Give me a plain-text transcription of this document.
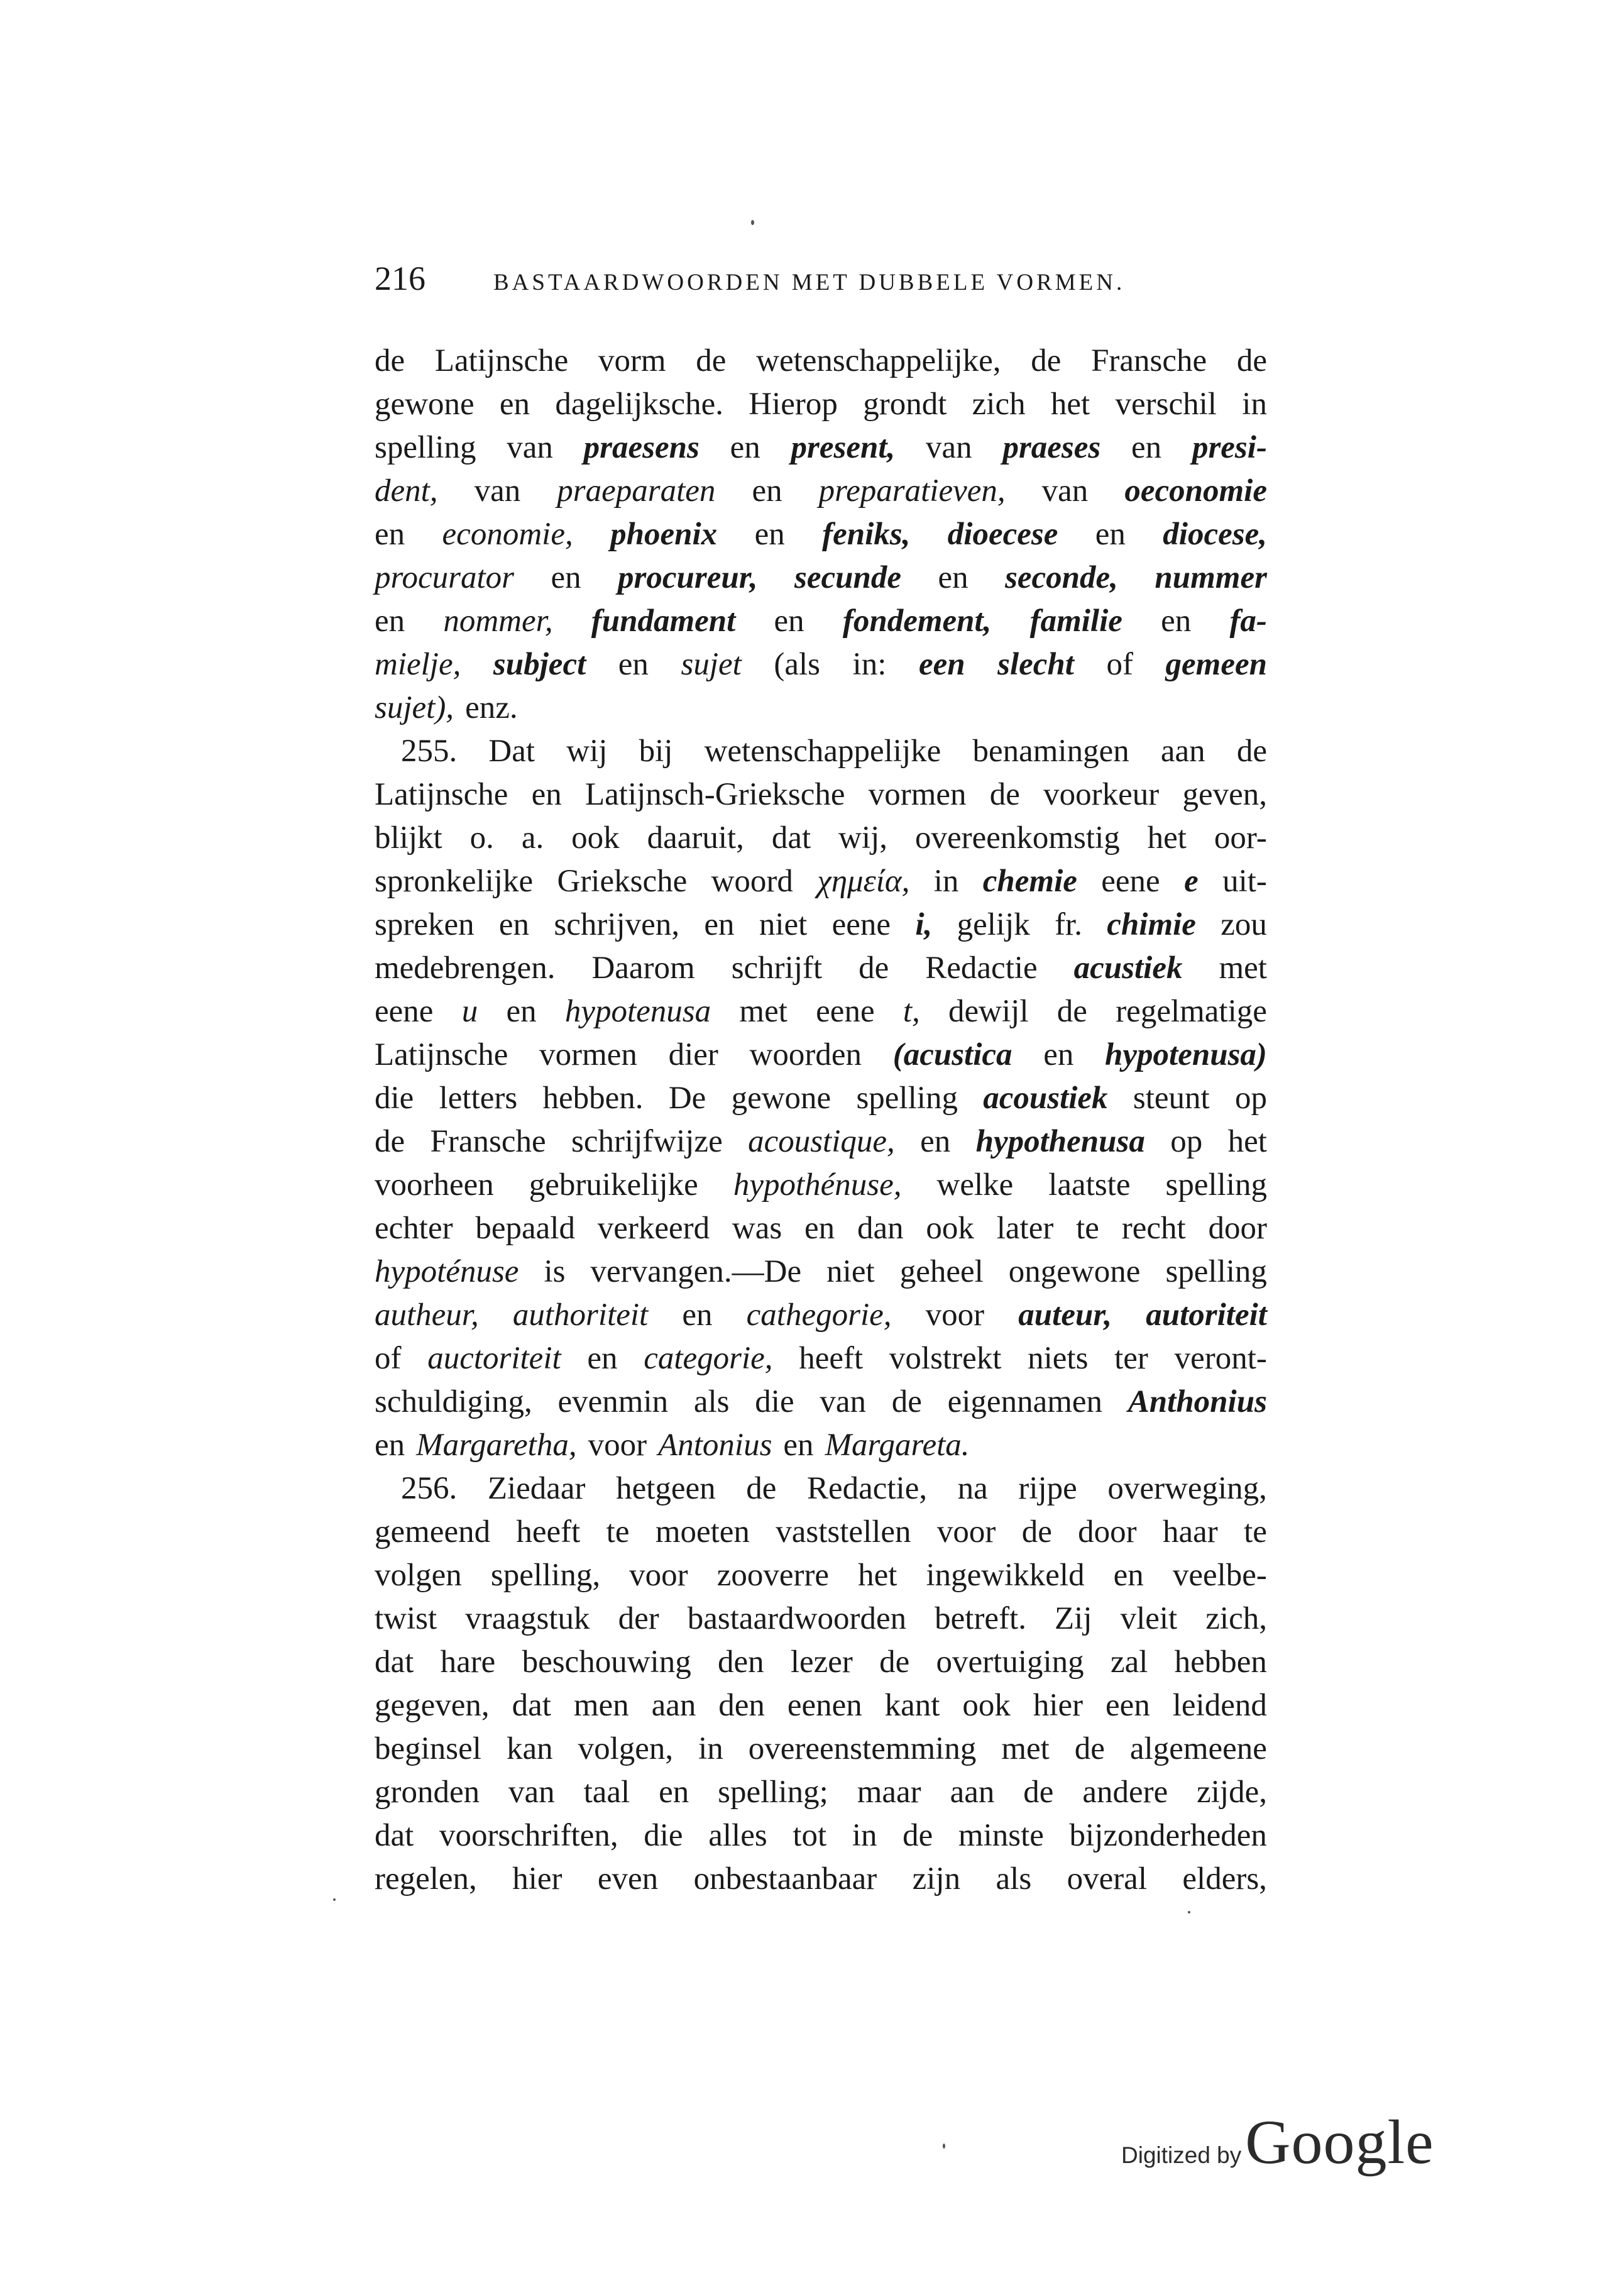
216	BASTAARDWOORDEN MET DUBBELE VORMEN.
de Latijnsche vorm de wetenschappelijke, de Fransche de
gewone en dagelijksche. Hierop grondt zich het verschil in
spelling van praesens en present, van praeses en presi-
dent, van praeparaten en preparatieven, van oeconomie
en economie, phoenix en feniks, dioecese en diocese,
procurator en procureur, secunde en seconde, nummer
en nommer, fundament en fondement, familie en fa-
mielje, subject en sujet (als in: een slecht of gemeen
sujet), enz.
255. Dat wij bij wetenschappelijke benamingen aan de
Latijnsche en Latijnsch-Grieksche vormen de voorkeur geven,
blijkt o. a. ook daaruit, dat wij, overeenkomstig het oor-
spronkelijke Grieksche woord χημεία, in chemie eene e uit-
spreken en schrijven, en niet eene i, gelijk fr. chimie zou
medebrengen. Daarom schrijft de Redactie acustiek met
eene u en hypotenusa met eene t, dewijl de regelmatige
Latijnsche vormen dier woorden (acustica en hypotenusa)
die letters hebben. De gewone spelling acoustiek steunt op
de Fransche schrijfwijze acoustique, en hypothenusa op het
voorheen gebruikelijke hypothénuse, welke laatste spelling
echter bepaald verkeerd was en dan ook later te recht door
hypoténuse is vervangen.—De niet geheel ongewone spelling
autheur, authoriteit en cathegorie, voor auteur, autoriteit
of auctoriteit en categorie, heeft volstrekt niets ter veront-
schuldiging, evenmin als die van de eigennamen Anthonius
en Margaretha, voor Antonius en Margareta.
256. Ziedaar hetgeen de Redactie, na rijpe overweging,
gemeend heeft te moeten vaststellen voor de door haar te
volgen spelling, voor zooverre het ingewikkeld en veelbe-
twist vraagstuk der bastaardwoorden betreft. Zij vleit zich,
dat hare beschouwing den lezer de overtuiging zal hebben
gegeven, dat men aan den eenen kant ook hier een leidend
beginsel kan volgen, in overeenstemming met de algemeene
gronden van taal en spelling; maar aan de andere zijde,
dat voorschriften, die alles tot in de minste bijzonderheden
regelen, hier even onbestaanbaar zijn als overal elders,
Digitized by Google
